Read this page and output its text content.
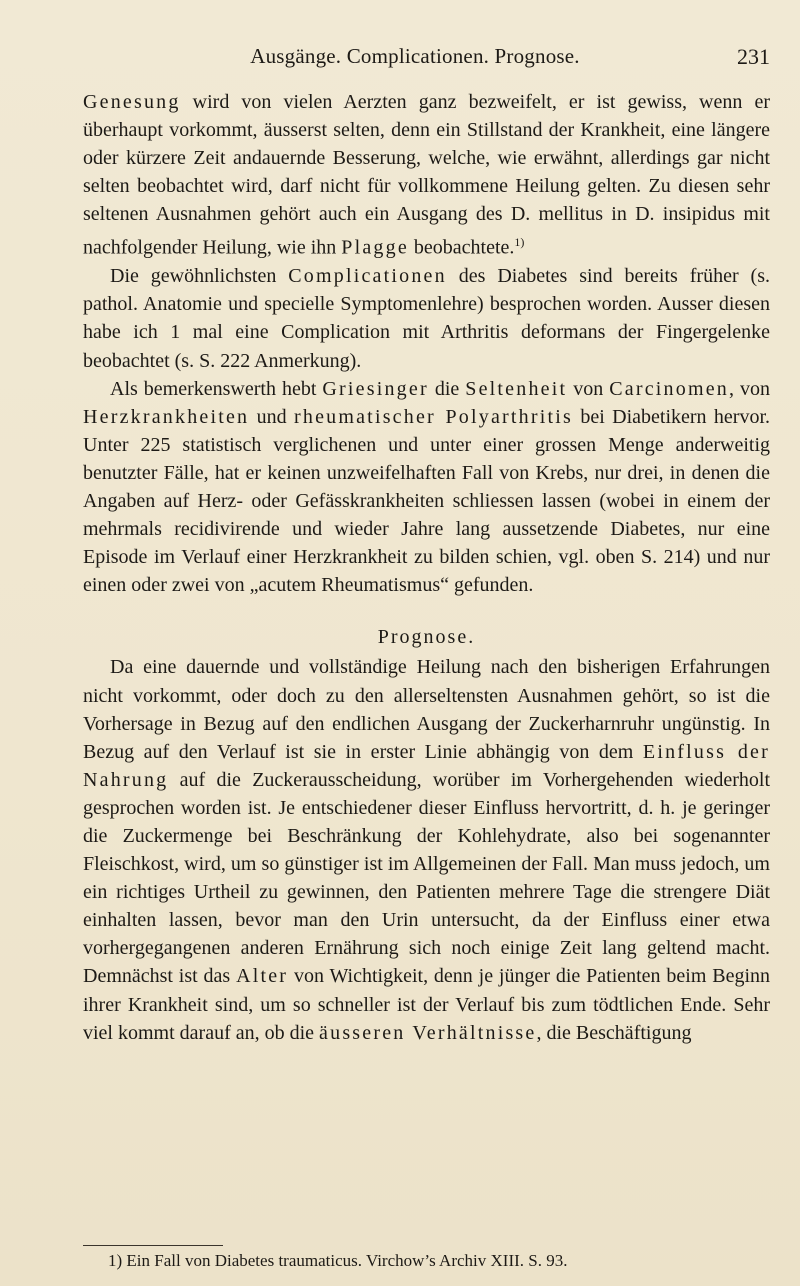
Ausgänge. Complicationen. Prognose.	231

Genesung wird von vielen Aerzten ganz bezweifelt, er ist gewiss, wenn er überhaupt vorkommt, äusserst selten, denn ein Stillstand der Krankheit, eine längere oder kürzere Zeit andauernde Besserung, welche, wie erwähnt, allerdings gar nicht selten beobachtet wird, darf nicht für vollkommene Heilung gelten. Zu diesen sehr seltenen Ausnahmen gehört auch ein Ausgang des D. mellitus in D. insipidus mit nachfolgender Heilung, wie ihn Plagge beobachtete.$^{1)}$

Die gewöhnlichsten Complicationen des Diabetes sind bereits früher (s. pathol. Anatomie und specielle Symptomenlehre) besprochen worden. Ausser diesen habe ich 1 mal eine Complication mit Arthritis deformans der Fingergelenke beobachtet (s. S. 222 Anmerkung).

Als bemerkenswerth hebt Griesinger die Seltenheit von Carcinomen, von Herzkrankheiten und rheumatischer Polyarthritis bei Diabetikern hervor. Unter 225 statistisch verglichenen und unter einer grossen Menge anderweitig benutzter Fälle, hat er keinen unzweifelhaften Fall von Krebs, nur drei, in denen die Angaben auf Herz- oder Gefässkrankheiten schliessen lassen (wobei in einem der mehrmals recidivirende und wieder Jahre lang aussetzende Diabetes, nur eine Episode im Verlauf einer Herzkrankheit zu bilden schien, vgl. oben S. 214) und nur einen oder zwei von „acutem Rheumatismus“ gefunden.

Prognose.

Da eine dauernde und vollständige Heilung nach den bisherigen Erfahrungen nicht vorkommt, oder doch zu den allerseltensten Ausnahmen gehört, so ist die Vorhersage in Bezug auf den endlichen Ausgang der Zuckerharnruhr ungünstig. In Bezug auf den Verlauf ist sie in erster Linie abhängig von dem Einfluss der Nahrung auf die Zuckerausscheidung, worüber im Vorhergehenden wiederholt gesprochen worden ist. Je entschiedener dieser Einfluss hervortritt, d. h. je geringer die Zuckermenge bei Beschränkung der Kohlehydrate, also bei sogenannter Fleischkost, wird, um so günstiger ist im Allgemeinen der Fall. Man muss jedoch, um ein richtiges Urtheil zu gewinnen, den Patienten mehrere Tage die strengere Diät einhalten lassen, bevor man den Urin untersucht, da der Einfluss einer etwa vorhergegangenen anderen Ernährung sich noch einige Zeit lang geltend macht. Demnächst ist das Alter von Wichtigkeit, denn je jünger die Patienten beim Beginn ihrer Krankheit sind, um so schneller ist der Verlauf bis zum tödtlichen Ende. Sehr viel kommt darauf an, ob die äusseren Verhältnisse, die Beschäftigung

1) Ein Fall von Diabetes traumaticus. Virchow’s Archiv XIII. S. 93.
